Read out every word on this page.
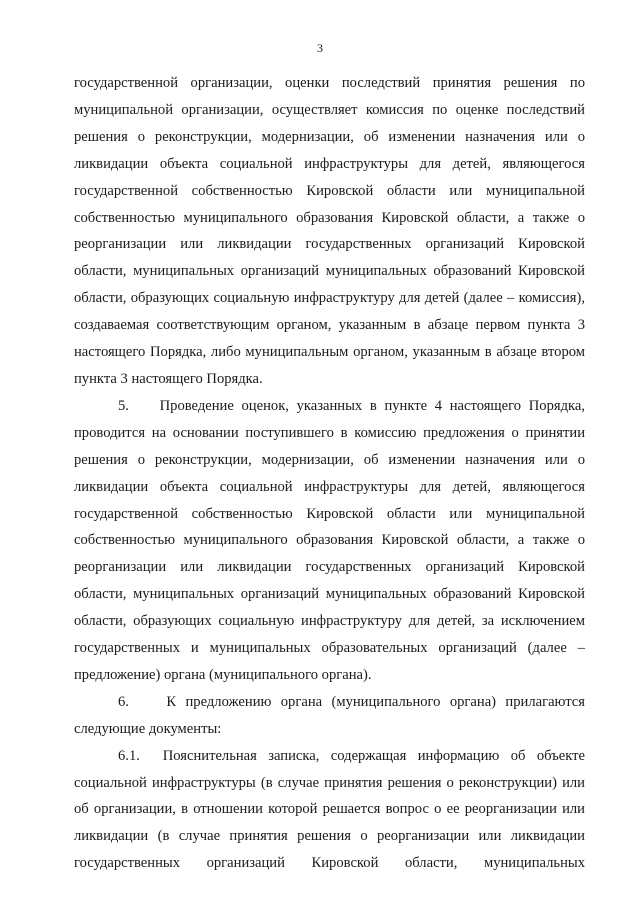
3

государственной организации, оценки последствий принятия решения по муниципальной организации, осуществляет комиссия по оценке последствий решения о реконструкции, модернизации, об изменении назначения или о ликвидации объекта социальной инфраструктуры для детей, являющегося государственной собственностью Кировской области или муниципальной собственностью муниципального образования Кировской области, а также о реорганизации или ликвидации государственных организаций Кировской области, муниципальных организаций муниципальных образований Кировской области, образующих социальную инфраструктуру для детей (далее – комиссия), создаваемая соответствующим органом, указанным в абзаце первом пункта 3 настоящего Порядка, либо муниципальным органом, указанным в абзаце втором пункта 3 настоящего Порядка.

5.    Проведение оценок, указанных в пункте 4 настоящего Порядка, проводится на основании поступившего в комиссию предложения о принятии решения о реконструкции, модернизации, об изменении назначения или о ликвидации объекта социальной инфраструктуры для детей, являющегося государственной собственностью Кировской области или муниципальной собственностью муниципального образования Кировской области, а также о реорганизации или ликвидации государственных организаций Кировской области, муниципальных организаций муниципальных образований Кировской области, образующих социальную инфраструктуру для детей, за исключением государственных и муниципальных образовательных организаций (далее – предложение) органа (муниципального органа).

6.    К предложению органа (муниципального органа) прилагаются следующие документы:

6.1.  Пояснительная записка, содержащая информацию об объекте социальной инфраструктуры (в случае принятия решения о реконструкции) или об организации, в отношении которой решается вопрос о ее реорганизации или ликвидации (в случае принятия решения о реорганизации или ликвидации государственных организаций Кировской области, муниципальных
